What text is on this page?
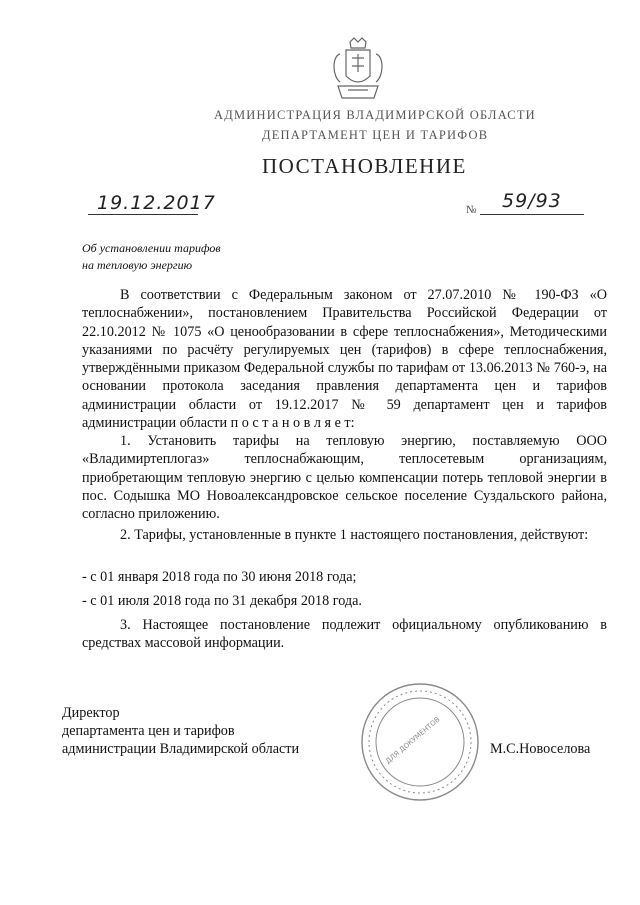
АДМИНИСТРАЦИЯ ВЛАДИМИРСКОЙ ОБЛАСТИ
ДЕПАРТАМЕНТ ЦЕН И ТАРИФОВ
ПОСТАНОВЛЕНИЕ
19.12.2017	№ 59/93
Об установлении тарифов
на тепловую энергию
В соответствии с Федеральным законом от 27.07.2010 № 190-ФЗ «О теплоснабжении», постановлением Правительства Российской Федерации от 22.10.2012 № 1075 «О ценообразовании в сфере теплоснабжения», Методическими указаниями по расчёту регулируемых цен (тарифов) в сфере теплоснабжения, утверждёнными приказом Федеральной службы по тарифам от 13.06.2013 № 760-э, на основании протокола заседания правления департамента цен и тарифов администрации области от 19.12.2017 № 59 департамент цен и тарифов администрации области п о с т а н о в л я е т:
1. Установить тарифы на тепловую энергию, поставляемую ООО «Владимиртеплогаз» теплоснабжающим, теплосетевым организациям, приобретающим тепловую энергию с целью компенсации потерь тепловой энергии в пос. Содышка МО Новоалександровское сельское поселение Суздальского района, согласно приложению.
2. Тарифы, установленные в пункте 1 настоящего постановления, действуют:
- с 01 января 2018 года по 30 июня 2018 года;
- с 01 июля 2018 года по 31 декабря 2018 года.
3. Настоящее постановление подлежит официальному опубликованию в средствах массовой информации.
Директор
департамента цен и тарифов
администрации Владимирской области	ДЛЯ ДОКУМЕНТОВ	М.С.Новоселова
